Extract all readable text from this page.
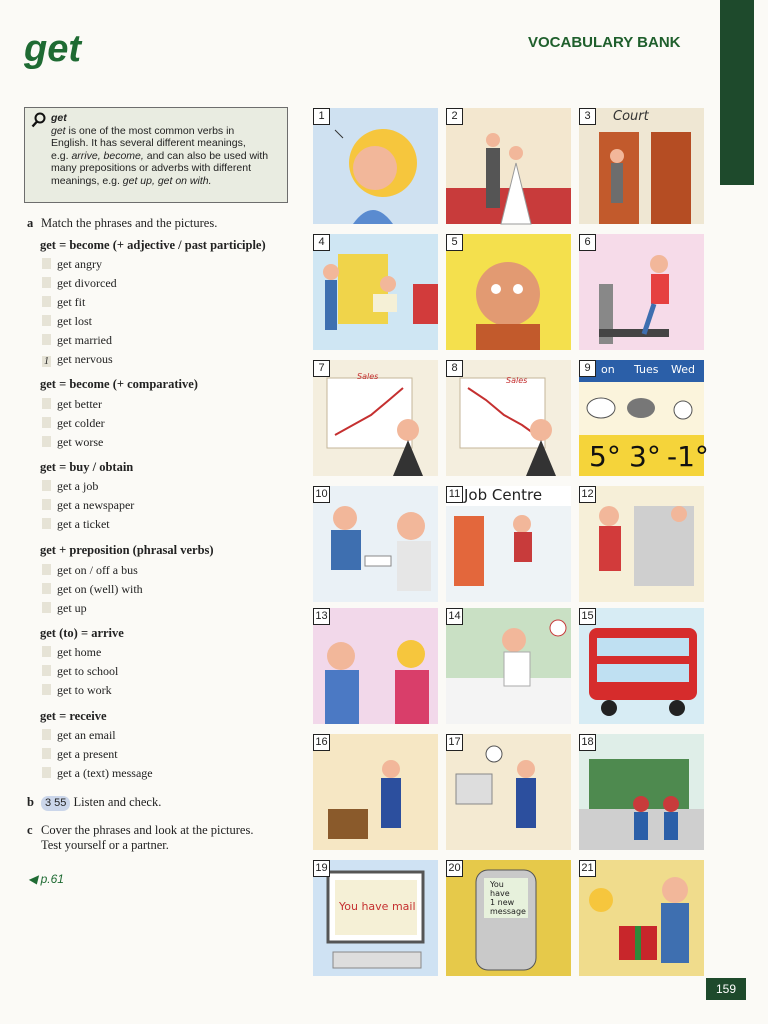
get	VOCABULARY BANK
get
get is one of the most common verbs in
English. It has several different meanings,
e.g. arrive, become, and can also be used with
many prepositions or adverbs with different
meanings, e.g. get up, get on with.
a Match the phrases and the pictures.
get = become (+ adjective / past participle)
get angry
get divorced
get fit
get lost
get married
1 get nervous
get = become (+ comparative)
get better
get colder
get worse
get = buy / obtain
get a job
get a newspaper
get a ticket
get + preposition (phrasal verbs)
get on / off a bus
get on (well) with
get up
get (to) = arrive
get home
get to school
get to work
get = receive
get an email
get a present
get a (text) message
b	3 55 Listen and check.
c Cover the phrases and look at the pictures.
Test yourself or a partner.
◀ p.61
1	2	3	Court
4	5	6
7
Sales
8
Sales
9 on Tues Wed
5° 3° -1°
10	11 Job Centre	12
13	14	15
16	17	18
19
You have mail
20
You
have
1 new
message
21
159
